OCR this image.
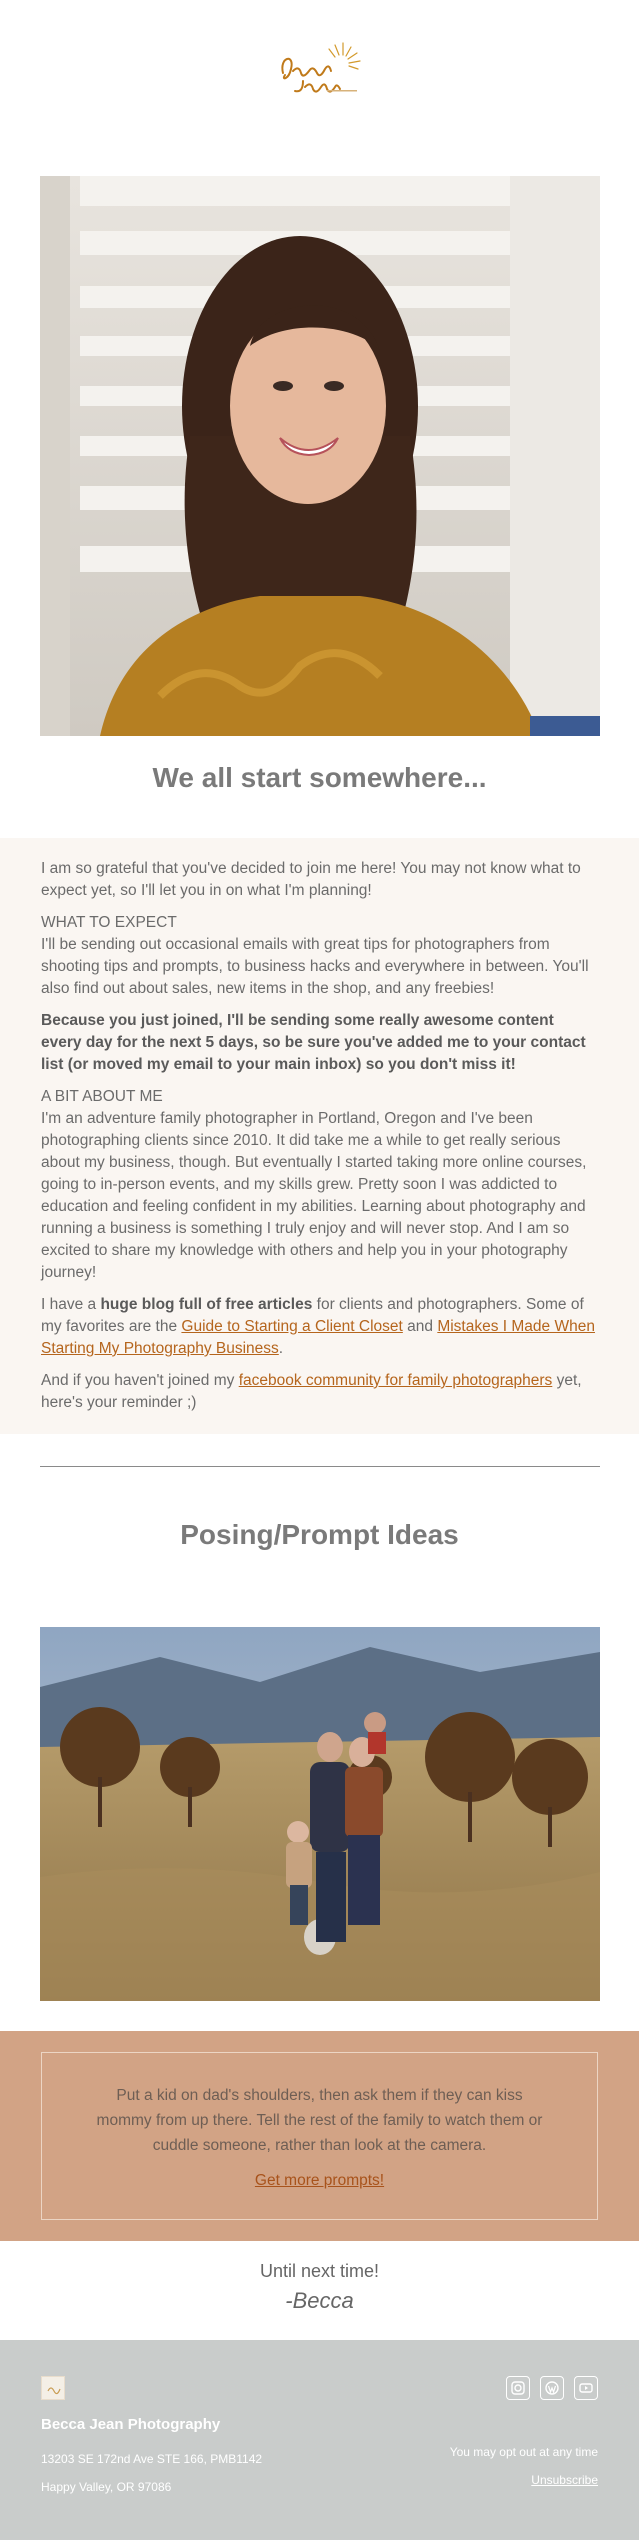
We all start somewhere...

I am so grateful that you've decided to join me here! You may not know what to expect yet, so I'll let you in on what I'm planning!

WHAT TO EXPECT
I'll be sending out occasional emails with great tips for photographers from shooting tips and prompts, to business hacks and everywhere in between. You'll also find out about sales, new items in the shop, and any freebies!

Because you just joined, I'll be sending some really awesome content every day for the next 5 days, so be sure you've added me to your contact list (or moved my email to your main inbox) so you don't miss it!

A BIT ABOUT ME
I'm an adventure family photographer in Portland, Oregon and I've been photographing clients since 2010. It did take me a while to get really serious about my business, though. But eventually I started taking more online courses, going to in-person events, and my skills grew. Pretty soon I was addicted to education and feeling confident in my abilities. Learning about photography and running a business is something I truly enjoy and will never stop. And I am so excited to share my knowledge with others and help you in your photography journey!

I have a huge blog full of free articles for clients and photographers. Some of my favorites are the Guide to Starting a Client Closet and Mistakes I Made When Starting My Photography Business.

And if you haven't joined my facebook community for family photographers yet, here's your reminder ;)

Posing/Prompt Ideas

Put a kid on dad's shoulders, then ask them if they can kiss mommy from up there. Tell the rest of the family to watch them or cuddle someone, rather than look at the camera.

Get more prompts!
Until next time!
-Becca
Becca Jean Photography
13203 SE 172nd Ave STE 166, PMB1142
Happy Valley, OR 97086
You may opt out at any time
Unsubscribe
